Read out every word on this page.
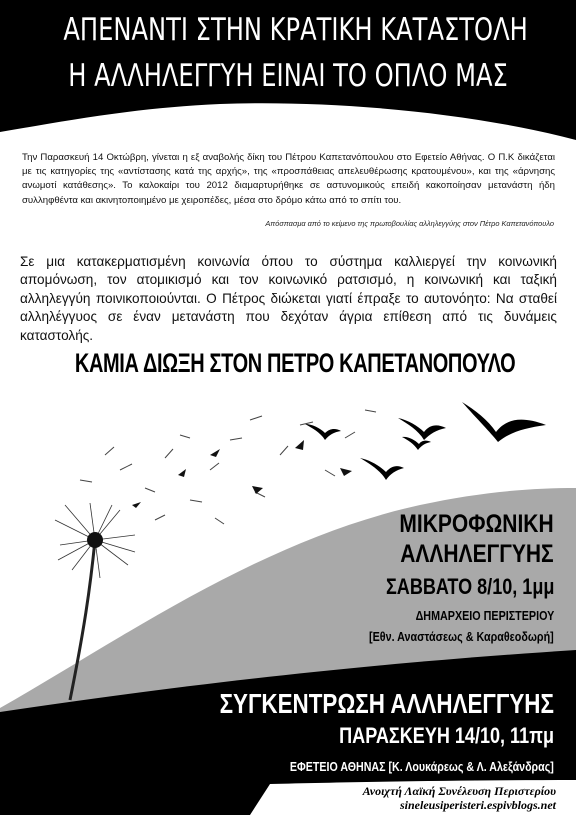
ΑΠΕΝΑΝΤΙ ΣΤΗΝ ΚΡΑΤΙΚΗ ΚΑΤΑΣΤΟΛΗ
Η ΑΛΛΗΛΕΓΓΥΗ ΕΙΝΑΙ ΤΟ ΟΠΛΟ ΜΑΣ
Την Παρασκευή 14 Οκτώβρη, γίνεται η εξ αναβολής δίκη του Πέτρου Καπετανόπουλου στο Εφετείο Αθήνας. Ο Π.Κ δικάζεται με τις κατηγορίες της «αντίστασης κατά της αρχής», της «προσπάθειας απελευθέρωσης κρατουμένου», και της «άρνησης ανωμοτί κατάθεσης». Το καλοκαίρι του 2012 διαμαρτυρήθηκε σε αστυνομικούς επειδή κακοποίησαν μετανάστη ήδη συλληφθέντα και ακινητοποιημένο με χειροπέδες, μέσα στο δρόμο κάτω από το σπίτι του.
Απόσπασμα από το κείμενο της πρωτοβουλίας αλληλεγγύης στον Πέτρο Καπετανόπουλο
Σε μια κατακερματισμένη κοινωνία όπου το σύστημα καλλιεργεί την κοινωνική απομόνωση, τον ατομικισμό και τον κοινωνικό ρατσισμό, η κοινωνική και ταξική αλληλεγγύη ποινικοποιούνται. Ο Πέτρος διώκεται γιατί έπραξε το αυτονόητο: Να σταθεί αλληλέγγυος σε έναν μετανάστη που δεχόταν άγρια επίθεση από τις δυνάμεις καταστολής.
ΚΑΜΙΑ ΔΙΩΞΗ ΣΤΟΝ ΠΕΤΡΟ ΚΑΠΕΤΑΝΟΠΟΥΛΟ
ΜΙΚΡΟΦΩΝΙΚΗ
ΑΛΛΗΛΕΓΓΥΗΣ
ΣΑΒΒΑΤΟ 8/10, 1μμ
ΔΗΜΑΡΧΕΙΟ ΠΕΡΙΣΤΕΡΙΟΥ
[Εθν. Αναστάσεως & Καραθεοδωρή]
ΣΥΓΚΕΝΤΡΩΣΗ ΑΛΛΗΛΕΓΓΥΗΣ
ΠΑΡΑΣΚΕΥΗ 14/10, 11πμ
ΕΦΕΤΕΙΟ ΑΘΗΝΑΣ [Κ. Λουκάρεως & Λ. Αλεξάνδρας]
Ανοιχτή Λαϊκή Συνέλευση Περιστερίου
sineleusiperisteri.espivblogs.net
